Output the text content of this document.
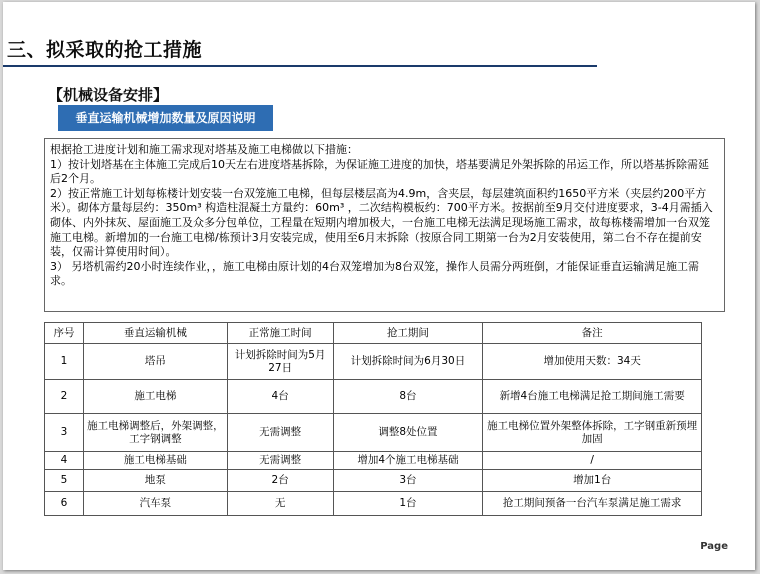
三、拟采取的抢工措施
【机械设备安排】
垂直运输机械增加数量及原因说明

根据抢工进度计划和施工需求现对塔基及施工电梯做以下措施：

1）按计划塔基在主体施工完成后10天左右进度塔基拆除，为保证施工进度的加快，塔基要满足外架拆除的吊运工作，所以塔基拆除需延后2个月。

2）按正常施工计划每栋楼计划安装一台双笼施工电梯，但每层楼层高为4.9m，含夹层，每层建筑面积约1650平方米（夹层约200平方米）。砌体方量每层约：350m³ 构造柱混凝土方量约：60m³ ，二次结构模板约：700平方米。按据前至9月交付进度要求，3-4月需插入砌体、内外抹灰、屋面施工及众多分包单位，工程量在短期内增加极大，一台施工电梯无法满足现场施工需求，故每栋楼需增加一台双笼施工电梯。新增加的一台施工电梯/栋预计3月安装完成，使用至6月末拆除（按原合同工期第一台为2月安装使用，第二台不存在提前安装，仅需计算使用时间）。

3） 另塔机需约20小时连续作业，，施工电梯由原计划的4台双笼增加为8台双笼，操作人员需分两班倒，才能保证垂直运输满足施工需求。

序号	垂直运输机械	正常施工时间	抢工期间	备注
1	塔吊	计划拆除时间为5月27日	计划拆除时间为6月30日	增加使用天数：34天
2	施工电梯	4台	8台	新增4台施工电梯满足抢工期间施工需要
3	施工电梯调整后，外架调整，工字钢调整	无需调整	调整8处位置	施工电梯位置外架整体拆除，工字钢重新预埋加固
4	施工电梯基础	无需调整	增加4个施工电梯基础	/
5	地泵	2台	3台	增加1台
6	汽车泵	无	1台	抢工期间预备一台汽车泵满足施工需求
Page
